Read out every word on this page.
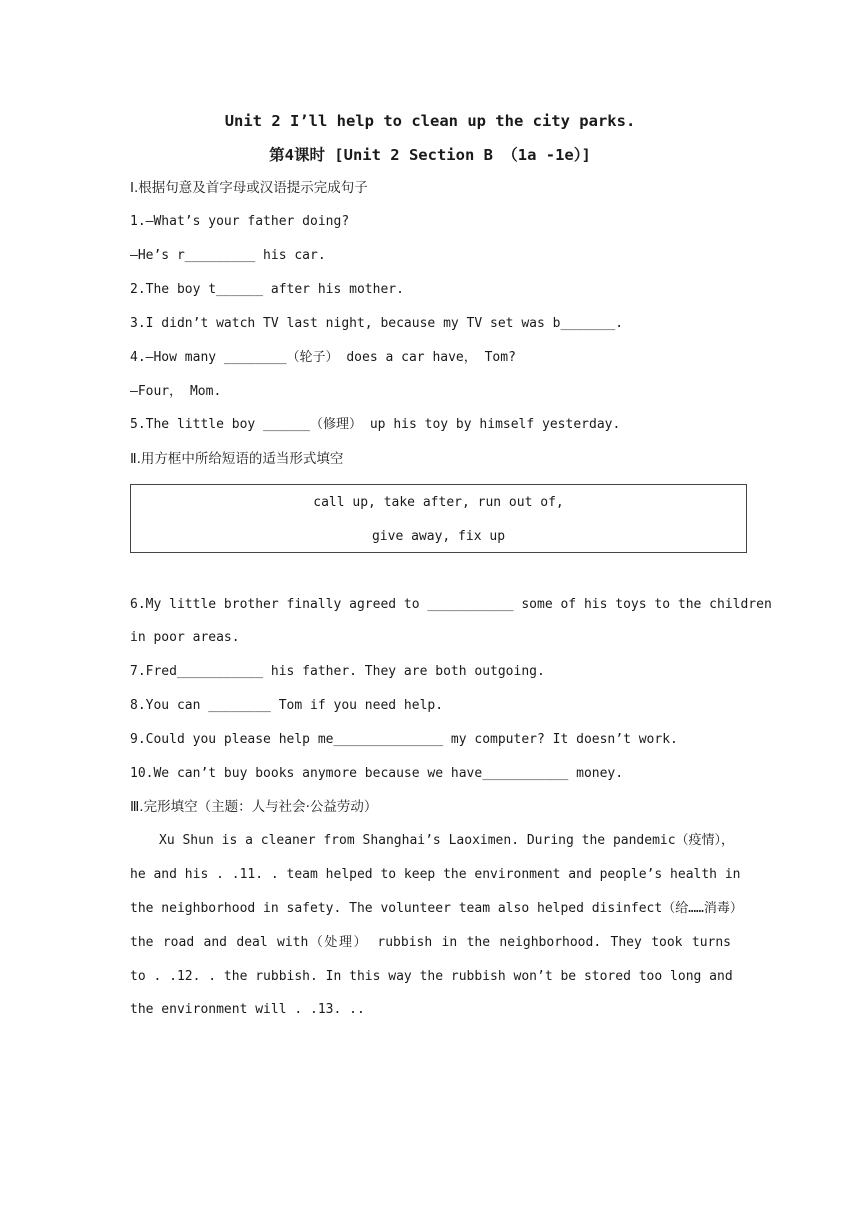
Unit 2 I’ll help to clean up the city parks.
第4课时 [Unit 2 Section B （1a -1e）]
Ⅰ.根据句意及首字母或汉语提示完成句子
1.—What’s your father doing?
—He’s r_________ his car.
2.The boy t______ after his mother.
3.I didn’t watch TV last night, because my TV set was b_______.
4.—How many ________（轮子） does a car have， Tom?
—Four， Mom.
5.The little boy ______（修理） up his toy by himself yesterday.
Ⅱ.用方框中所给短语的适当形式填空
call up, take after, run out of,
give away, fix up
6.My little brother finally agreed to ___________ some of his toys to the children
in poor areas.
7.Fred___________ his father. They are both outgoing.
8.You can ________ Tom if you need help.
9.Could you please help me______________ my computer? It doesn’t work.
10.We can’t buy books anymore because we have___________ money.
Ⅲ.完形填空（主题：人与社会·公益劳动）
Xu Shun is a cleaner from Shanghai’s Laoximen. During the pandemic（疫情），
he and his . .11. . team helped to keep the environment and people’s health in
the neighborhood in safety. The volunteer team also helped disinfect（给……消毒）
the road and deal with（处理） rubbish in the neighborhood. They took turns
to . .12. . the rubbish. In this way the rubbish won’t be stored too long and
the environment will . .13. ..
